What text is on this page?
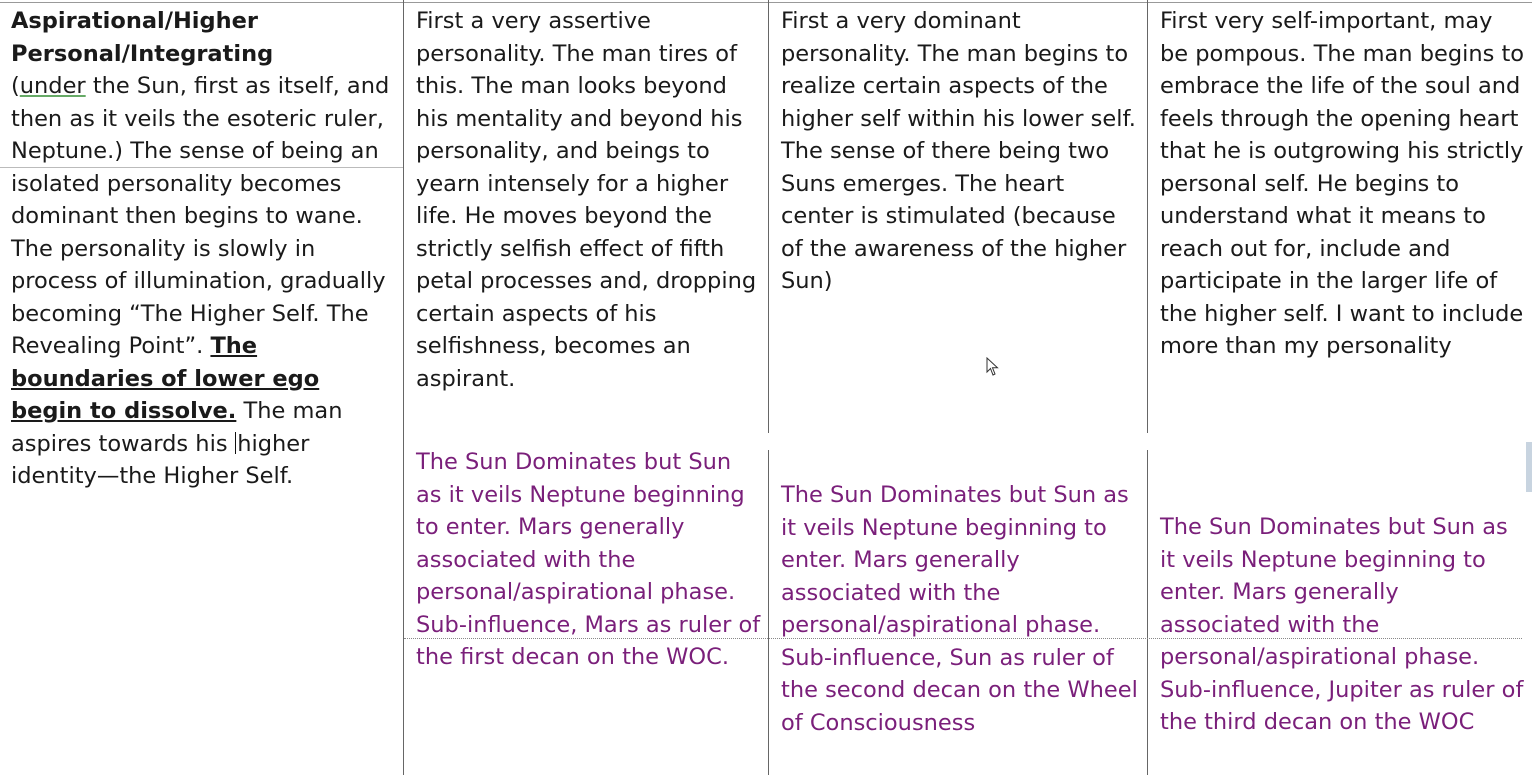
Aspirational/Higher
Personal/Integrating
(under the Sun, first as itself, and then as it veils the esoteric ruler, Neptune.) The sense of being an isolated personality becomes dominant then begins to wane. The personality is slowly in process of illumination, gradually becoming “The Higher Self. The Revealing Point”. The boundaries of lower ego begin to dissolve. The man aspires towards his higher identity—the Higher Self.
First a very assertive personality. The man tires of this. The man looks beyond his mentality and beyond his personality, and beings to yearn intensely for a higher life. He moves beyond the strictly selfish effect of fifth petal processes and, dropping certain aspects of his selfishness, becomes an aspirant.
The Sun Dominates but Sun as it veils Neptune beginning to enter. Mars generally associated with the personal/aspirational phase. Sub-influence, Mars as ruler of the first decan on the WOC.
First a very dominant personality. The man begins to realize certain aspects of the higher self within his lower self. The sense of there being two Suns emerges. The heart center is stimulated (because of the awareness of the higher Sun)
The Sun Dominates but Sun as it veils Neptune beginning to enter. Mars generally associated with the personal/aspirational phase. Sub-influence, Sun as ruler of the second decan on the Wheel of Consciousness
First very self-important, may be pompous. The man begins to embrace the life of the soul and feels through the opening heart that he is outgrowing his strictly personal self. He begins to understand what it means to reach out for, include and participate in the larger life of the higher self. I want to include more than my personality
The Sun Dominates but Sun as it veils Neptune beginning to enter. Mars generally associated with the personal/aspirational phase. Sub-influence, Jupiter as ruler of the third decan on the WOC
